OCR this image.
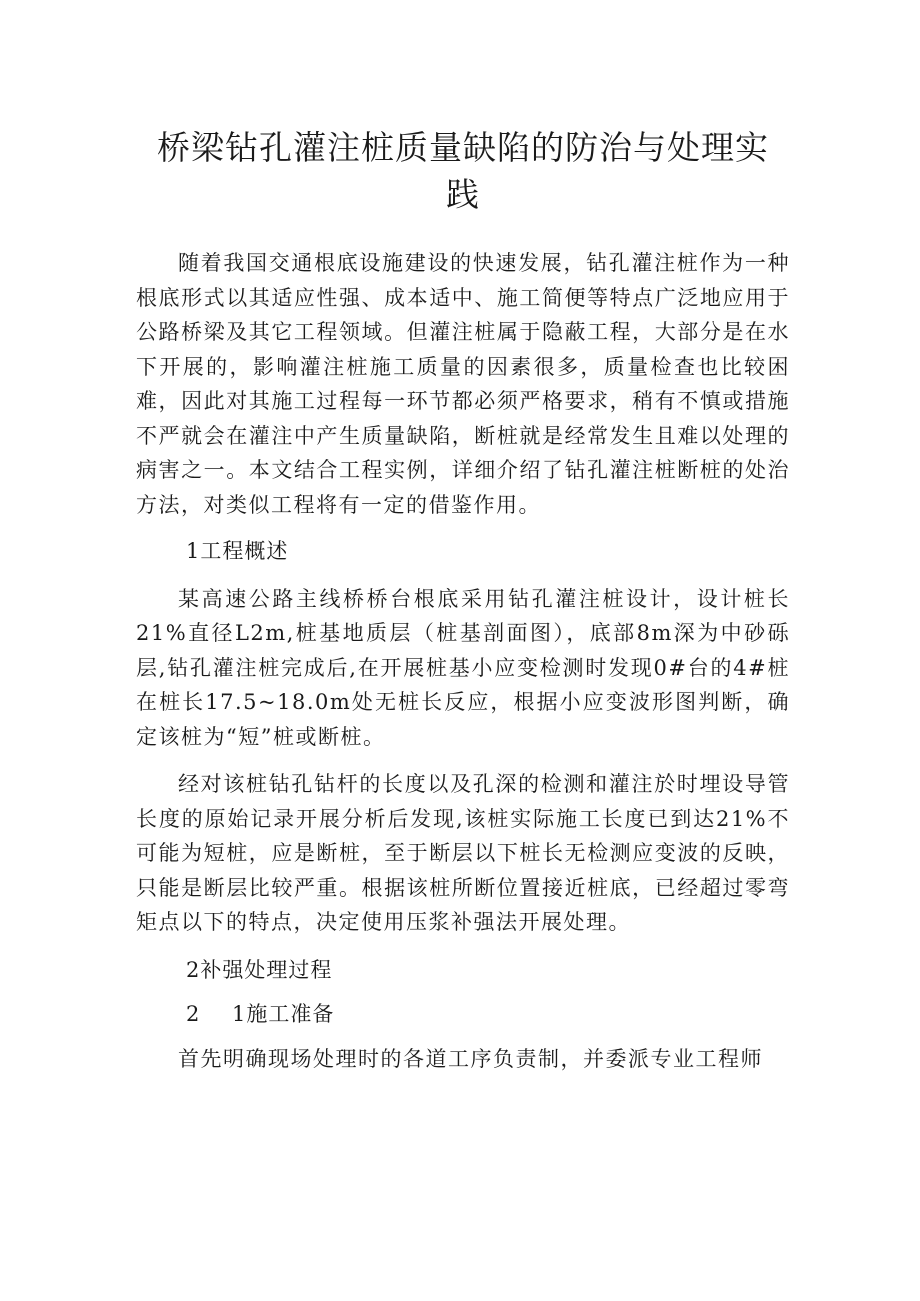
桥梁钻孔灌注桩质量缺陷的防治与处理实
践

随着我国交通根底设施建设的快速发展，钻孔灌注桩作为一种根底形式以其适应性强、成本适中、施工简便等特点广泛地应用于公路桥梁及其它工程领域。但灌注桩属于隐蔽工程，大部分是在水下开展的，影响灌注桩施工质量的因素很多，质量检查也比较困难，因此对其施工过程每一环节都必须严格要求，稍有不慎或措施不严就会在灌注中产生质量缺陷，断桩就是经常发生且难以处理的病害之一。本文结合工程实例，详细介绍了钻孔灌注桩断桩的处治方法，对类似工程将有一定的借鉴作用。

1工程概述

某高速公路主线桥桥台根底采用钻孔灌注桩设计，设计桩长21%直径L2m,桩基地质层（桩基剖面图），底部8m深为中砂砾层,钻孔灌注桩完成后,在开展桩基小应变检测时发现0#台的4#桩在桩长17.5~18.0m处无桩长反应，根据小应变波形图判断，确定该桩为“短”桩或断桩。

经对该桩钻孔钻杆的长度以及孔深的检测和灌注於时埋设导管长度的原始记录开展分析后发现,该桩实际施工长度已到达21%不可能为短桩，应是断桩，至于断层以下桩长无检测应变波的反映，只能是断层比较严重。根据该桩所断位置接近桩底，已经超过零弯矩点以下的特点，决定使用压浆补强法开展处理。

2补强处理过程

2 1施工准备

首先明确现场处理时的各道工序负责制，并委派专业工程师
